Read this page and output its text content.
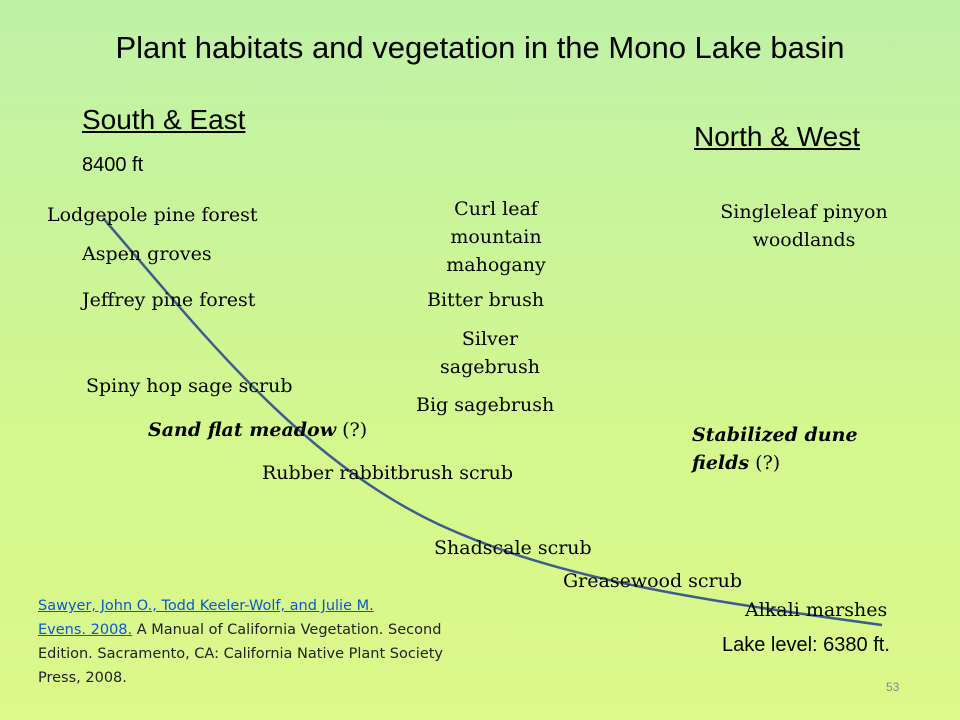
Plant habitats and vegetation in the Mono Lake basin
South & East
8400 ft
North & West
Lodgepole pine forest
Aspen groves
Jeffrey pine forest
Spiny hop sage scrub
Sand flat meadow (?)
Rubber rabbitbrush scrub
Shadscale scrub
Greasewood scrub
Alkali marshes
Curl leaf
mountain
mahogany
Bitter brush
Silver
sagebrush
Big sagebrush
Singleleaf pinyon
woodlands
Stabilized dune
fields (?)
Lake level: 6380 ft.
Sawyer, John O., Todd Keeler-Wolf, and Julie M.
Evens. 2008. A Manual of California Vegetation. Second Edition. Sacramento, CA: California Native Plant Society Press, 2008.
53
